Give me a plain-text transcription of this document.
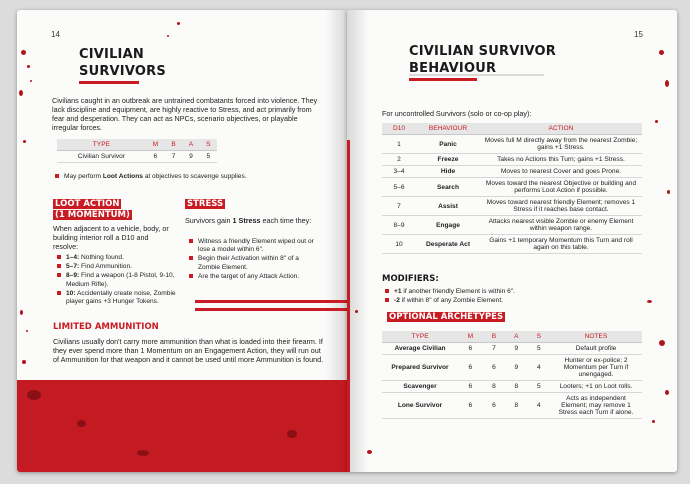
14
CIVILIAN
SURVIVORS

Civilians caught in an outbreak are untrained combatants forced into violence. They lack discipline and equipment, are highly reactive to Stress, and act primarily from fear and desperation. They can act as NPCs, scenario objectives, or playable irregular forces.

TYPE	M	B	A	S
Civilian Survivor	6	7	9	5
May perform Loot Actions at objectives to scavenge supplies.
LOOT ACTION
(1 MOMENTUM)

When adjacent to a vehicle, body, or building interior roll a D10 and resolve:

1–4: Nothing found.
5–7: Find Ammunition.
8–9: Find a weapon (1-8 Pistol, 9-10, Medium Rifle).
10: Accidentally create noise, Zombie player gains +3 Hunger Tokens.
STRESS

Survivors gain 1 Stress each time they:

Witness a friendly Element wiped out or lose a model within 6".
Begin their Activation within 8" of a Zombie Element.
Are the target of any Attack Action.
LIMITED AMMUNITION

Civilians usually don't carry more ammunition than what is loaded into their firearm. If they ever spend more than 1 Momentum on an Engagement Action, they will run out of Ammunition for that weapon and it cannot be used until more Ammunition is found.

15
CIVILIAN SURVIVOR
BEHAVIOUR

For uncontrolled Survivors (solo or co-op play):

D10	BEHAVIOUR	ACTION
1	Panic	Moves full M directly away from the nearest Zombie; gains +1 Stress.
2	Freeze	Takes no Actions this Turn; gains +1 Stress.
3–4	Hide	Moves to nearest Cover and goes Prone.
5–6	Search	Moves toward the nearest Objective or building and performs Loot Action if possible.
7	Assist	Moves toward nearest friendly Element; removes 1 Stress if it reaches base contact.
8–9	Engage	Attacks nearest visible Zombie or enemy Element within weapon range.
10	Desperate Act	Gains +1 temporary Momentum this Turn and roll again on this table.
MODIFIERS:
+1 if another friendly Element is within 6".
-2 if within 8" of any Zombie Element.
OPTIONAL ARCHETYPES
TYPE	M	B	A	S	NOTES
Average Civilian	6	7	9	5	Default profile
Prepared Survivor	6	6	9	4	Hunter or ex-police; 2 Momentum per Turn if unengaged.
Scavenger	6	8	8	5	Looters; +1 on Loot rolls.
Lone Survivor	6	6	8	4	Acts as independent Element; may remove 1 Stress each Turn if alone.
